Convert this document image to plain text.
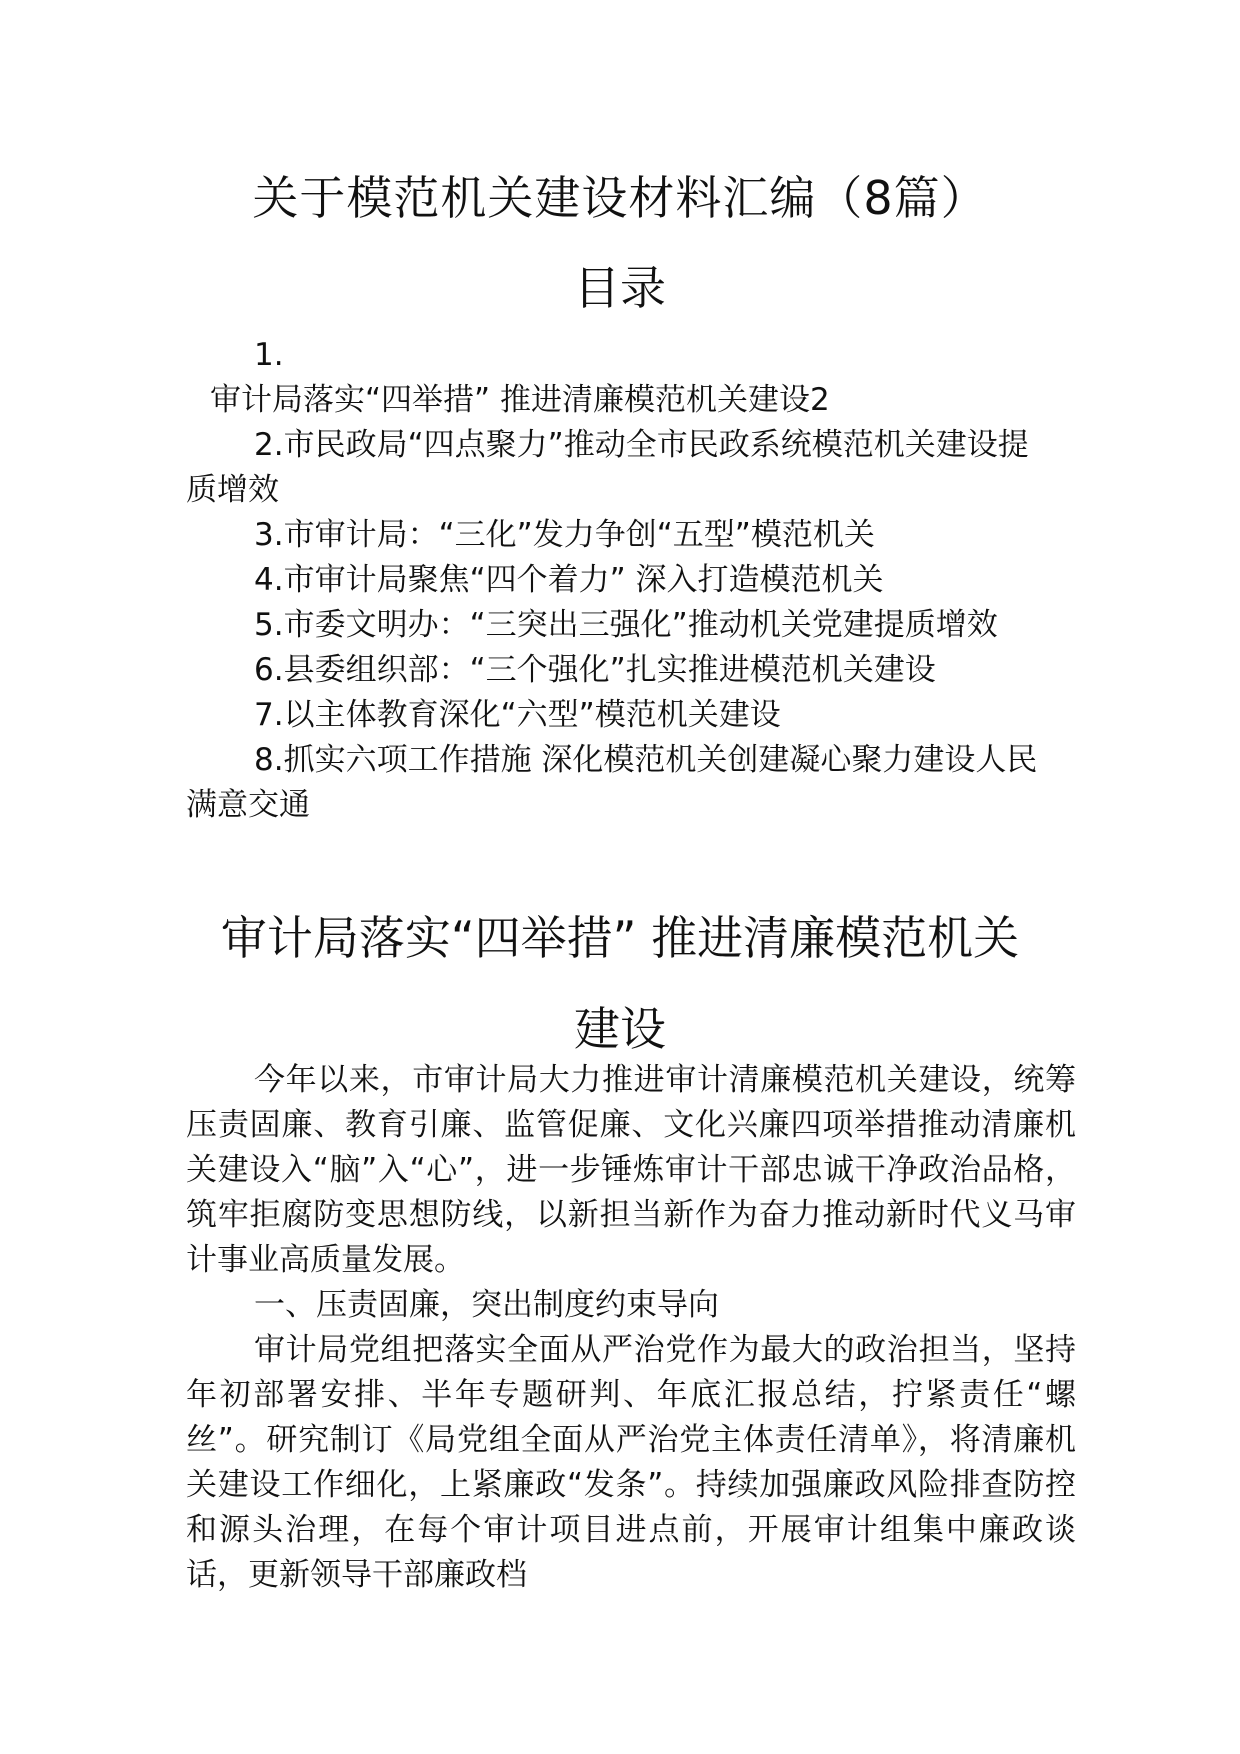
关于模范机关建设材料汇编（8篇）
目录
1.
审计局落实“四举措” 推进清廉模范机关建设2
2.市民政局“四点聚力”推动全市民政系统模范机关建设提质增效
3.市审计局：“三化”发力争创“五型”模范机关
4.市审计局聚焦“四个着力” 深入打造模范机关
5.市委文明办：“三突出三强化”推动机关党建提质增效
6.县委组织部：“三个强化”扎实推进模范机关建设
7.以主体教育深化“六型”模范机关建设
8.抓实六项工作措施 深化模范机关创建凝心聚力建设人民满意交通
审计局落实“四举措” 推进清廉模范机关
建设

今年以来，市审计局大力推进审计清廉模范机关建设，统筹压责固廉、教育引廉、监管促廉、文化兴廉四项举措推动清廉机关建设入“脑”入“心”，进一步锤炼审计干部忠诚干净政治品格，筑牢拒腐防变思想防线，以新担当新作为奋力推动新时代义马审计事业高质量发展。

一、压责固廉，突出制度约束导向

审计局党组把落实全面从严治党作为最大的政治担当，坚持年初部署安排、半年专题研判、年底汇报总结，拧紧责任“螺丝”。研究制订《局党组全面从严治党主体责任清单》，将清廉机关建设工作细化，上紧廉政“发条”。持续加强廉政风险排查防控和源头治理，在每个审计项目进点前，开展审计组集中廉政谈话，更新领导干部廉政档
